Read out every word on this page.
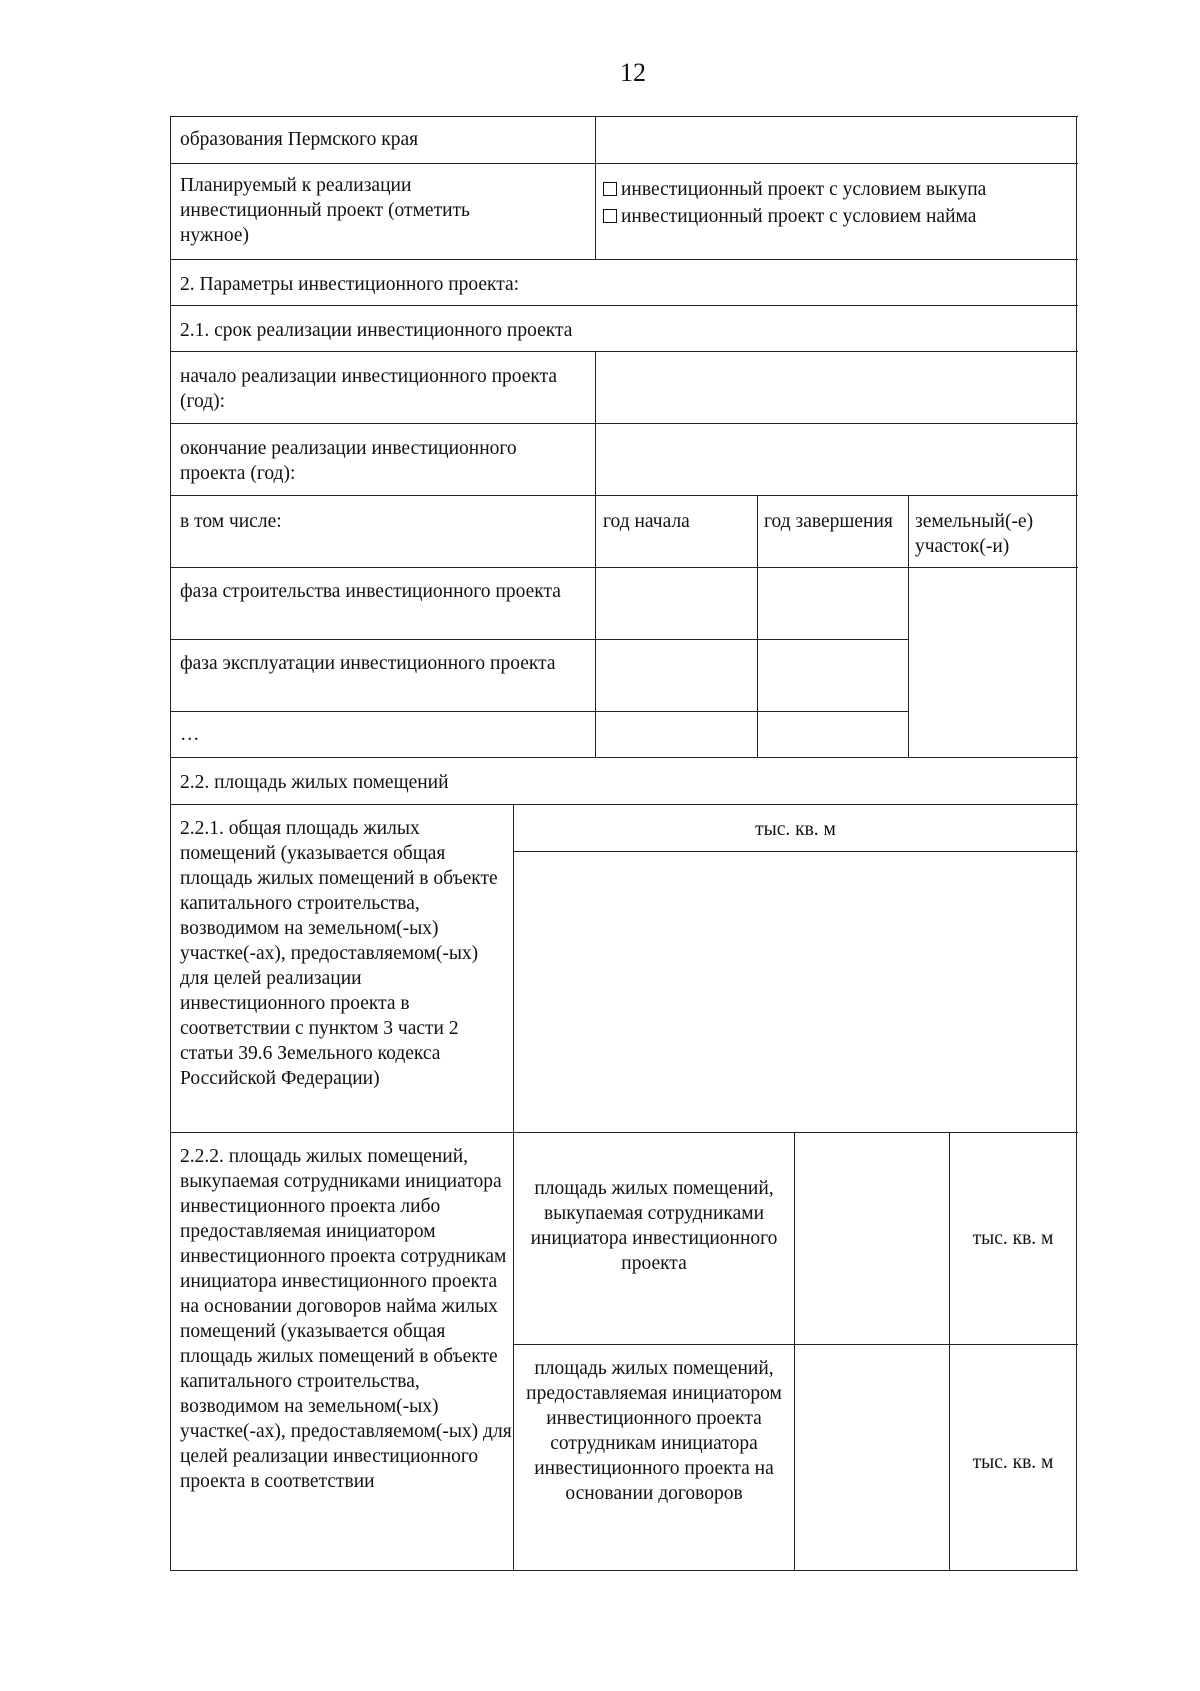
12
образования Пермского края
Планируемый к реализации инвестиционный проект (отметить нужное)
инвестиционный проект с условием выкупа
инвестиционный проект с условием найма
2. Параметры инвестиционного проекта:
2.1. срок реализации инвестиционного проекта
начало реализации инвестиционного проекта (год):
окончание реализации инвестиционного проекта (год):
в том числе:	год начала	год завершения земельный(-е) участок(-и)
фаза строительства инвестиционного проекта
фаза эксплуатации инвестиционного проекта
…
2.2. площадь жилых помещений
2.2.1. общая площадь жилых помещений (указывается общая площадь жилых помещений в объекте капитального строительства, возводимом на земельном(-ых) участке(-ах), предоставляемом(-ых) для целей реализации инвестиционного проекта в соответствии с пунктом 3 части 2 статьи 39.6 Земельного кодекса Российской Федерации)
тыс. кв. м
2.2.2. площадь жилых помещений, выкупаемая сотрудниками инициатора инвестиционного проекта либо предоставляемая инициатором инвестиционного проекта сотрудникам инициатора инвестиционного проекта на основании договоров найма жилых помещений (указывается общая площадь жилых помещений в объекте капитального строительства, возводимом на земельном(-ых) участке(-ах), предоставляемом(-ых) для целей реализации инвестиционного проекта в соответствии
площадь жилых помещений, выкупаемая сотрудниками инициатора инвестиционного проекта
тыс. кв. м
площадь жилых помещений, предоставляемая инициатором инвестиционного проекта сотрудникам инициатора инвестиционного проекта на основании договоров
тыс. кв. м
